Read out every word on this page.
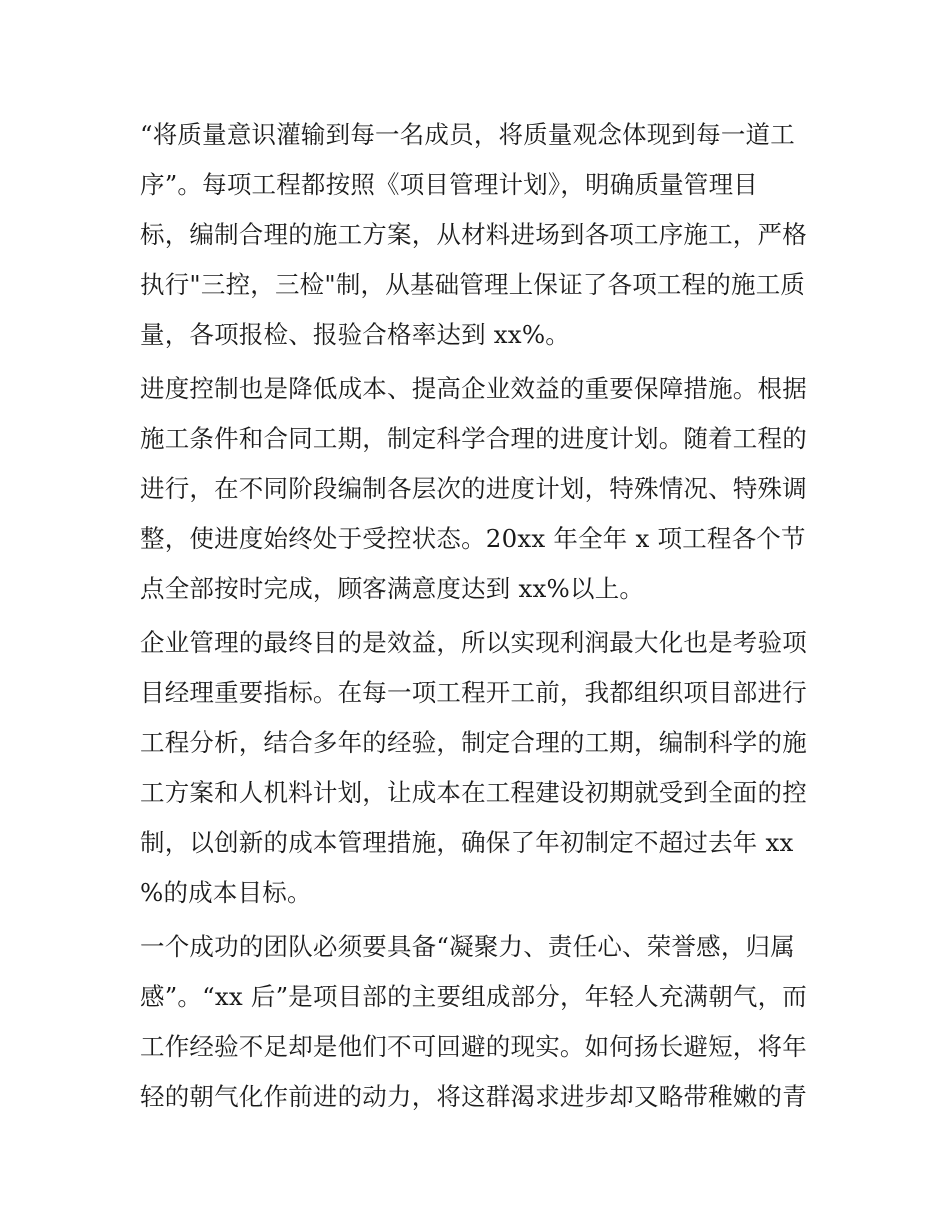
“将质量意识灌输到每一名成员，将质量观念体现到每一道工
序”。每项工程都按照《项目管理计划》，明确质量管理目
标，编制合理的施工方案，从材料进场到各项工序施工，严格
执行"三控，三检"制，从基础管理上保证了各项工程的施工质
量，各项报检、报验合格率达到 xx%。
进度控制也是降低成本、提高企业效益的重要保障措施。根据
施工条件和合同工期，制定科学合理的进度计划。随着工程的
进行，在不同阶段编制各层次的进度计划，特殊情况、特殊调
整，使进度始终处于受控状态。20xx 年全年 x 项工程各个节
点全部按时完成，顾客满意度达到 xx%以上。
企业管理的最终目的是效益，所以实现利润最大化也是考验项
目经理重要指标。在每一项工程开工前，我都组织项目部进行
工程分析，结合多年的经验，制定合理的工期，编制科学的施
工方案和人机料计划，让成本在工程建设初期就受到全面的控
制，以创新的成本管理措施，确保了年初制定不超过去年 xx
%的成本目标。
一个成功的团队必须要具备“凝聚力、责任心、荣誉感，归属
感”。“xx 后”是项目部的主要组成部分，年轻人充满朝气，而
工作经验不足却是他们不可回避的现实。如何扬长避短，将年
轻的朝气化作前进的动力，将这群渴求进步却又略带稚嫩的青
